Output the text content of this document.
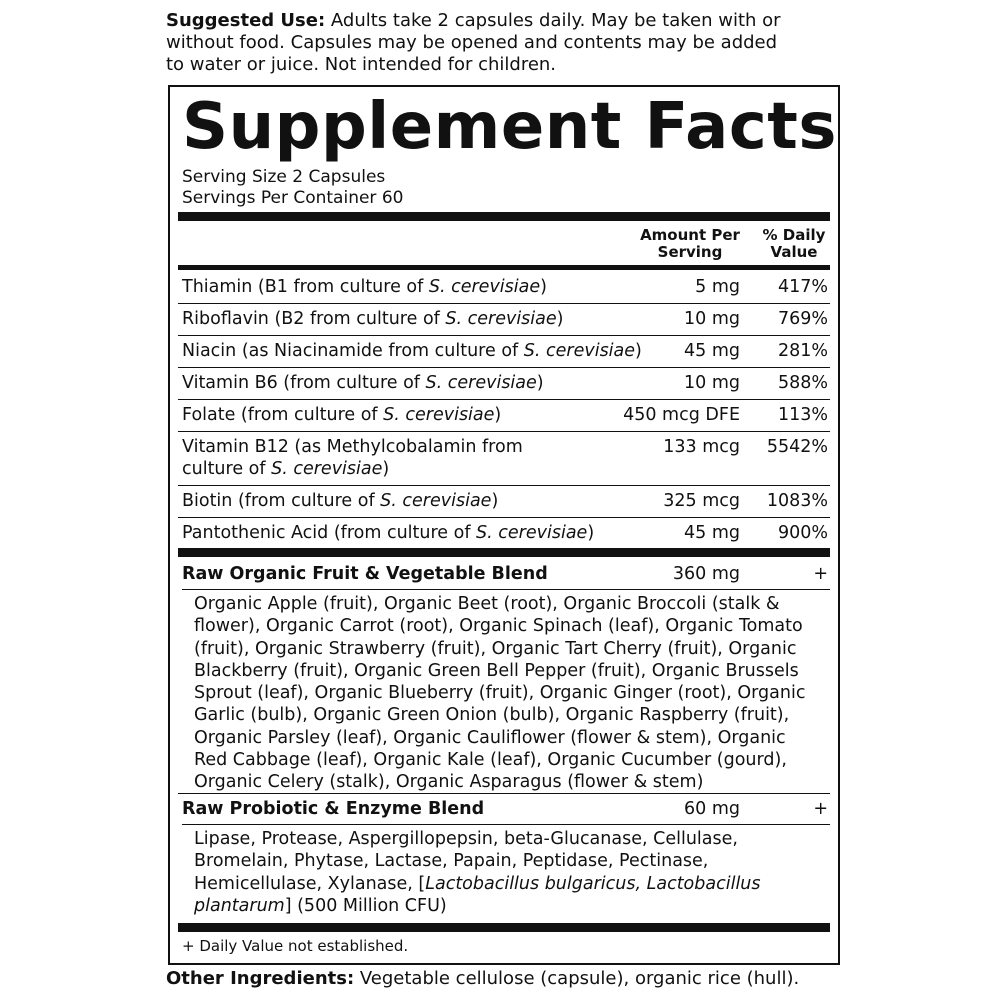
Suggested Use: Adults take 2 capsules daily. May be taken with or
without food. Capsules may be opened and contents may be added
to water or juice. Not intended for children.
Supplement Facts
Serving Size 2 Capsules
Servings Per Container 60
Amount Per
Serving
% Daily
Value
Thiamin (B1 from culture of S. cerevisiae)	5 mg 417%
Riboflavin (B2 from culture of S. cerevisiae)	10 mg 769%
Niacin (as Niacinamide from culture of S. cerevisiae)	45 mg 281%
Vitamin B6 (from culture of S. cerevisiae)	10 mg 588%
Folate (from culture of S. cerevisiae)	450 mcg DFE 113%
Vitamin B12 (as Methylcobalamin from
culture of S. cerevisiae)
133 mcg 5542%
Biotin (from culture of S. cerevisiae)	325 mcg 1083%
Pantothenic Acid (from culture of S. cerevisiae)	45 mg 900%
Raw Organic Fruit & Vegetable Blend	360 mg	+
Organic Apple (fruit), Organic Beet (root), Organic Broccoli (stalk &
flower), Organic Carrot (root), Organic Spinach (leaf), Organic Tomato
(fruit), Organic Strawberry (fruit), Organic Tart Cherry (fruit), Organic
Blackberry (fruit), Organic Green Bell Pepper (fruit), Organic Brussels
Sprout (leaf), Organic Blueberry (fruit), Organic Ginger (root), Organic
Garlic (bulb), Organic Green Onion (bulb), Organic Raspberry (fruit),
Organic Parsley (leaf), Organic Cauliflower (flower & stem), Organic
Red Cabbage (leaf), Organic Kale (leaf), Organic Cucumber (gourd),
Organic Celery (stalk), Organic Asparagus (flower & stem)
Raw Probiotic & Enzyme Blend	60 mg	+
Lipase, Protease, Aspergillopepsin, beta-Glucanase, Cellulase,
Bromelain, Phytase, Lactase, Papain, Peptidase, Pectinase,
Hemicellulase, Xylanase, [Lactobacillus bulgaricus, Lactobacillus
plantarum] (500 Million CFU)
+ Daily Value not established.
Other Ingredients: Vegetable cellulose (capsule), organic rice (hull).
